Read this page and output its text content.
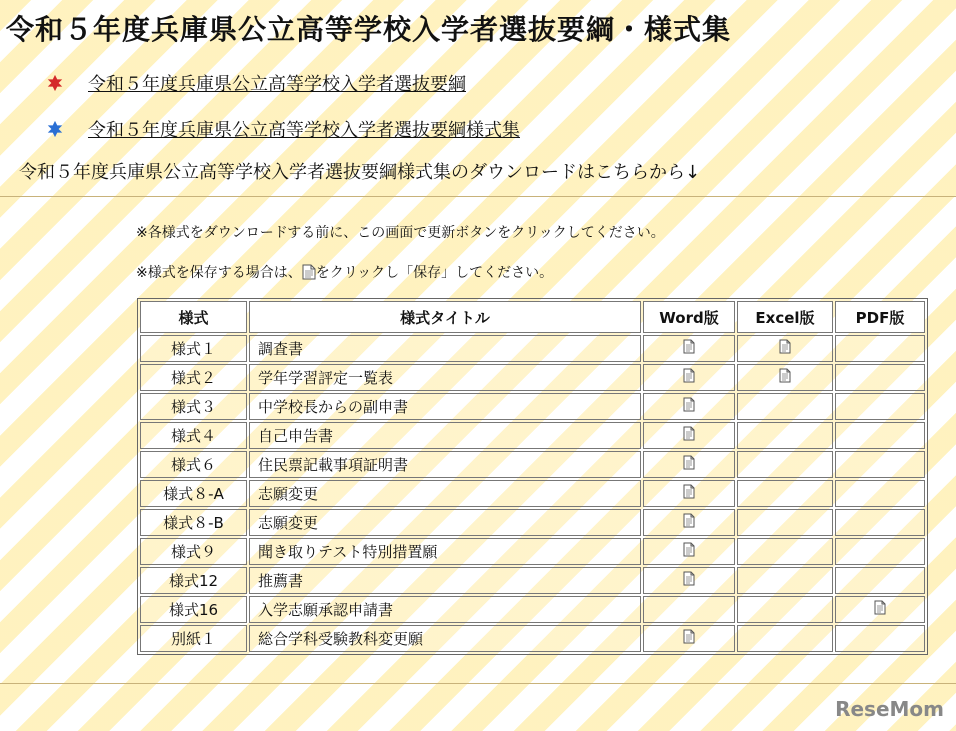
令和５年度兵庫県公立高等学校入学者選抜要綱・様式集
令和５年度兵庫県公立高等学校入学者選抜要綱
令和５年度兵庫県公立高等学校入学者選抜要綱様式集
令和５年度兵庫県公立高等学校入学者選抜要綱様式集のダウンロードはこちらから↓
※各様式をダウンロードする前に、この画面で更新ボタンをクリックしてください。
※様式を保存する場合は、 をクリックし「保存」してください。
様式	様式タイトル	Word版	Excel版	PDF版
様式１	調査書			
様式２	学年学習評定一覧表			
様式３	中学校長からの副申書			
様式４	自己申告書			
様式６	住民票記載事項証明書			
様式８-A	志願変更			
様式８-B	志願変更			
様式９	聞き取りテスト特別措置願			
様式12	推薦書			
様式16	入学志願承認申請書			
別紙１	総合学科受験教科変更願			
ReseMom
